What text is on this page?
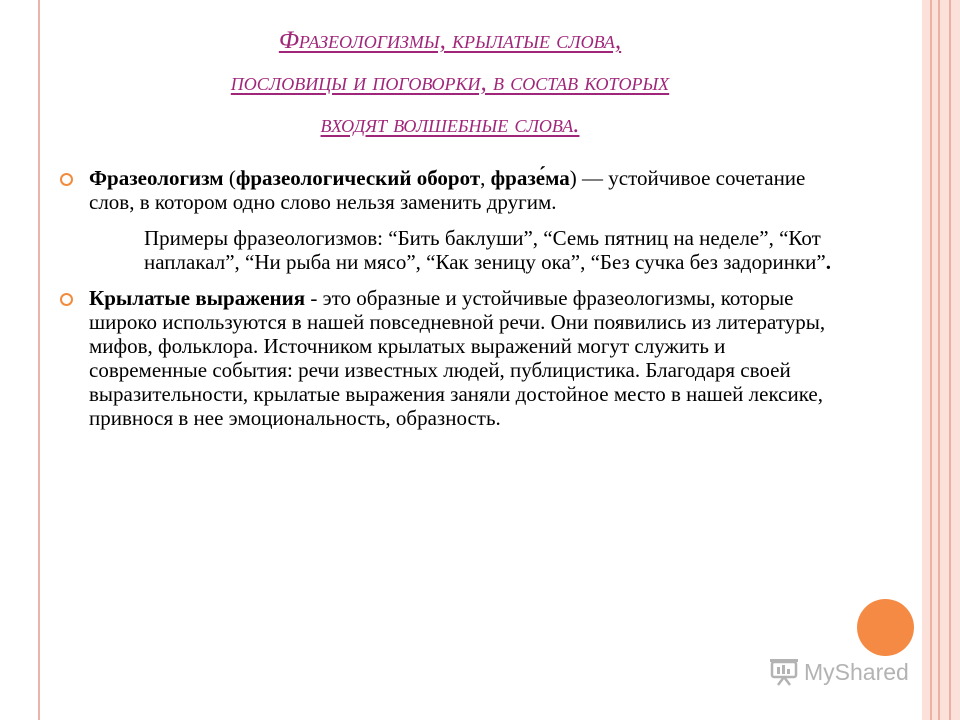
Фразеологизмы, крылатые слова,
пословицы и поговорки, в состав которых
входят волшебные слова.
Фразеологизм (фразеологический оборот, фразе́ма) — устойчивое сочетание слов, в котором одно слово нельзя заменить другим.
Примеры фразеологизмов: “Бить баклуши”, “Семь пятниц на неделе”, “Кот наплакал”, “Ни рыба ни мясо”, “Как зеницу ока”, “Без сучка без задоринки”.
Крылатые выражения - это образные и устойчивые фразеологизмы, которые широко используются в нашей повседневной речи. Они появились из литературы, мифов, фольклора. Источником крылатых выражений могут служить и современные события: речи известных людей, публицистика. Благодаря своей выразительности, крылатые выражения заняли достойное место в нашей лексике, привнося в нее эмоциональность, образность.
MyShared
